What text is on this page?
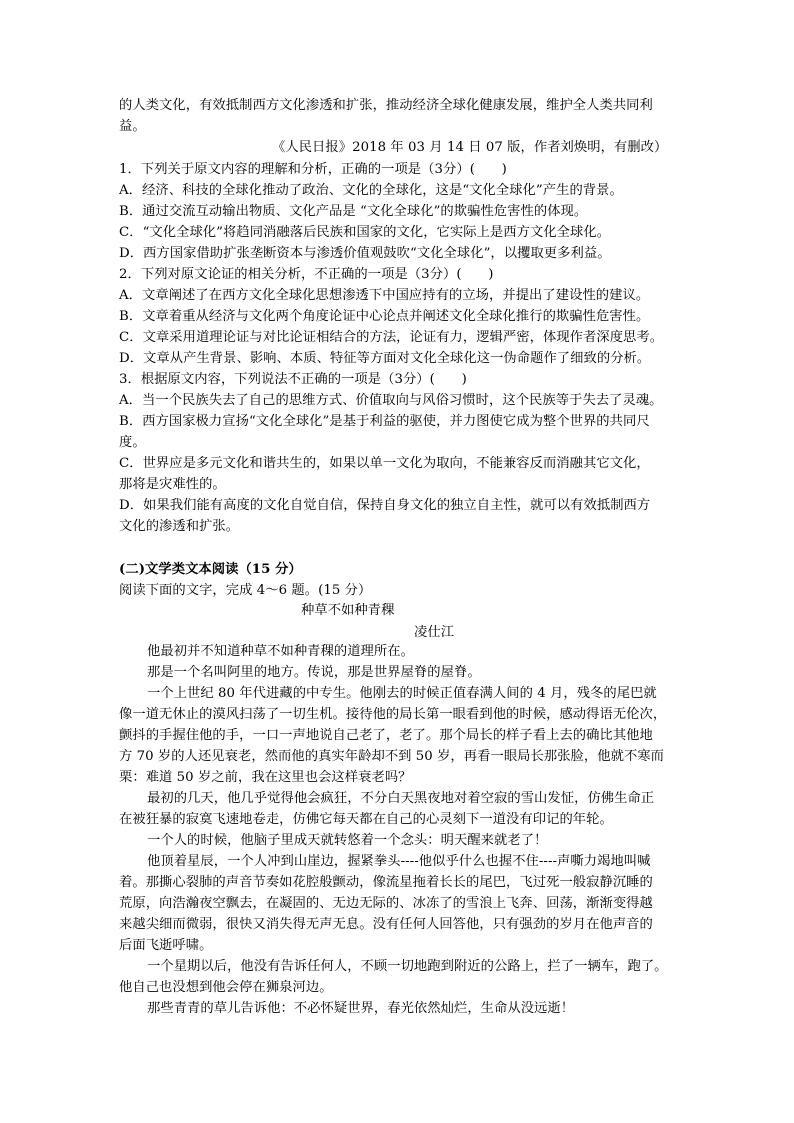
的人类文化，有效抵制西方文化渗透和扩张，推动经济全球化健康发展，维护全人类共同利
益。
《人民日报》2018 年 03 月 14 日 07 版，作者刘焕明，有删改）
1．下列关于原文内容的理解和分析，正确的一项是（3分）(　　)
A．经济、科技的全球化推动了政治、文化的全球化，这是“文化全球化”产生的背景。
B．通过交流互动输出物质、文化产品是 “文化全球化”的欺骗性危害性的体现。
C．“文化全球化”将趋同消融落后民族和国家的文化，它实际上是西方文化全球化。
D．西方国家借助扩张垄断资本与渗透价值观鼓吹“文化全球化”，以攫取更多利益。
2．下列对原文论证的相关分析，不正确的一项是（3分）(　　)
A．文章阐述了在西方文化全球化思想渗透下中国应持有的立场，并提出了建设性的建议。
B．文章着重从经济与文化两个角度论证中心论点并阐述文化全球化推行的欺骗性危害性。
C．文章采用道理论证与对比论证相结合的方法，论证有力，逻辑严密，体现作者深度思考。
D．文章从产生背景、影响、本质、特征等方面对文化全球化这一伪命题作了细致的分析。
3．根据原文内容，下列说法不正确的一项是（3分）(　　)
A．当一个民族失去了自己的思维方式、价值取向与风俗习惯时，这个民族等于失去了灵魂。
B．西方国家极力宣扬“文化全球化”是基于利益的驱使，并力图使它成为整个世界的共同尺
度。
C．世界应是多元文化和谐共生的，如果以单一文化为取向，不能兼容反而消融其它文化，
那将是灾难性的。
D．如果我们能有高度的文化自觉自信，保持自身文化的独立自主性，就可以有效抵制西方
文化的渗透和扩张。
(二)文学类文本阅读（15 分）
阅读下面的文字，完成 4～6 题。(15 分）
种草不如种青稞
凌仕江
他最初并不知道种草不如种青稞的道理所在。
那是一个名叫阿里的地方。传说，那是世界屋脊的屋脊。
一个上世纪 80 年代进藏的中专生。他刚去的时候正值春满人间的 4 月，残冬的尾巴就
像一道无休止的漠风扫荡了一切生机。接待他的局长第一眼看到他的时候，感动得语无伦次，
颤抖的手握住他的手，一口一声地说自己老了，老了。那个局长的样子看上去的确比其他地
方 70 岁的人还见衰老，然而他的真实年龄却不到 50 岁，再看一眼局长那张脸，他就不寒而
栗：难道 50 岁之前，我在这里也会这样衰老吗？
最初的几天，他几乎觉得他会疯狂，不分白天黑夜地对着空寂的雪山发怔，仿佛生命正
在被狂暴的寂寞飞速地卷走，仿佛它每天都在自己的心灵刻下一道没有印记的年轮。
一个人的时候，他脑子里成天就转悠着一个念头：明天醒来就老了！
他顶着星辰，一个人冲到山崖边，握紧拳头----他似乎什么也握不住----声嘶力竭地叫喊
着。那撕心裂肺的声音节奏如花腔般颤动，像流星拖着长长的尾巴，飞过死一般寂静沉睡的
荒原，向浩瀚夜空飘去，在凝固的、无边无际的、冰冻了的雪浪上飞奔、回荡，渐渐变得越
来越尖细而微弱，很快又消失得无声无息。没有任何人回答他，只有强劲的岁月在他声音的
后面飞逝呼啸。
一个星期以后，他没有告诉任何人，不顾一切地跑到附近的公路上，拦了一辆车，跑了。
他自己也没想到他会停在狮泉河边。
那些青青的草儿告诉他：不必怀疑世界，春光依然灿烂，生命从没远逝！
